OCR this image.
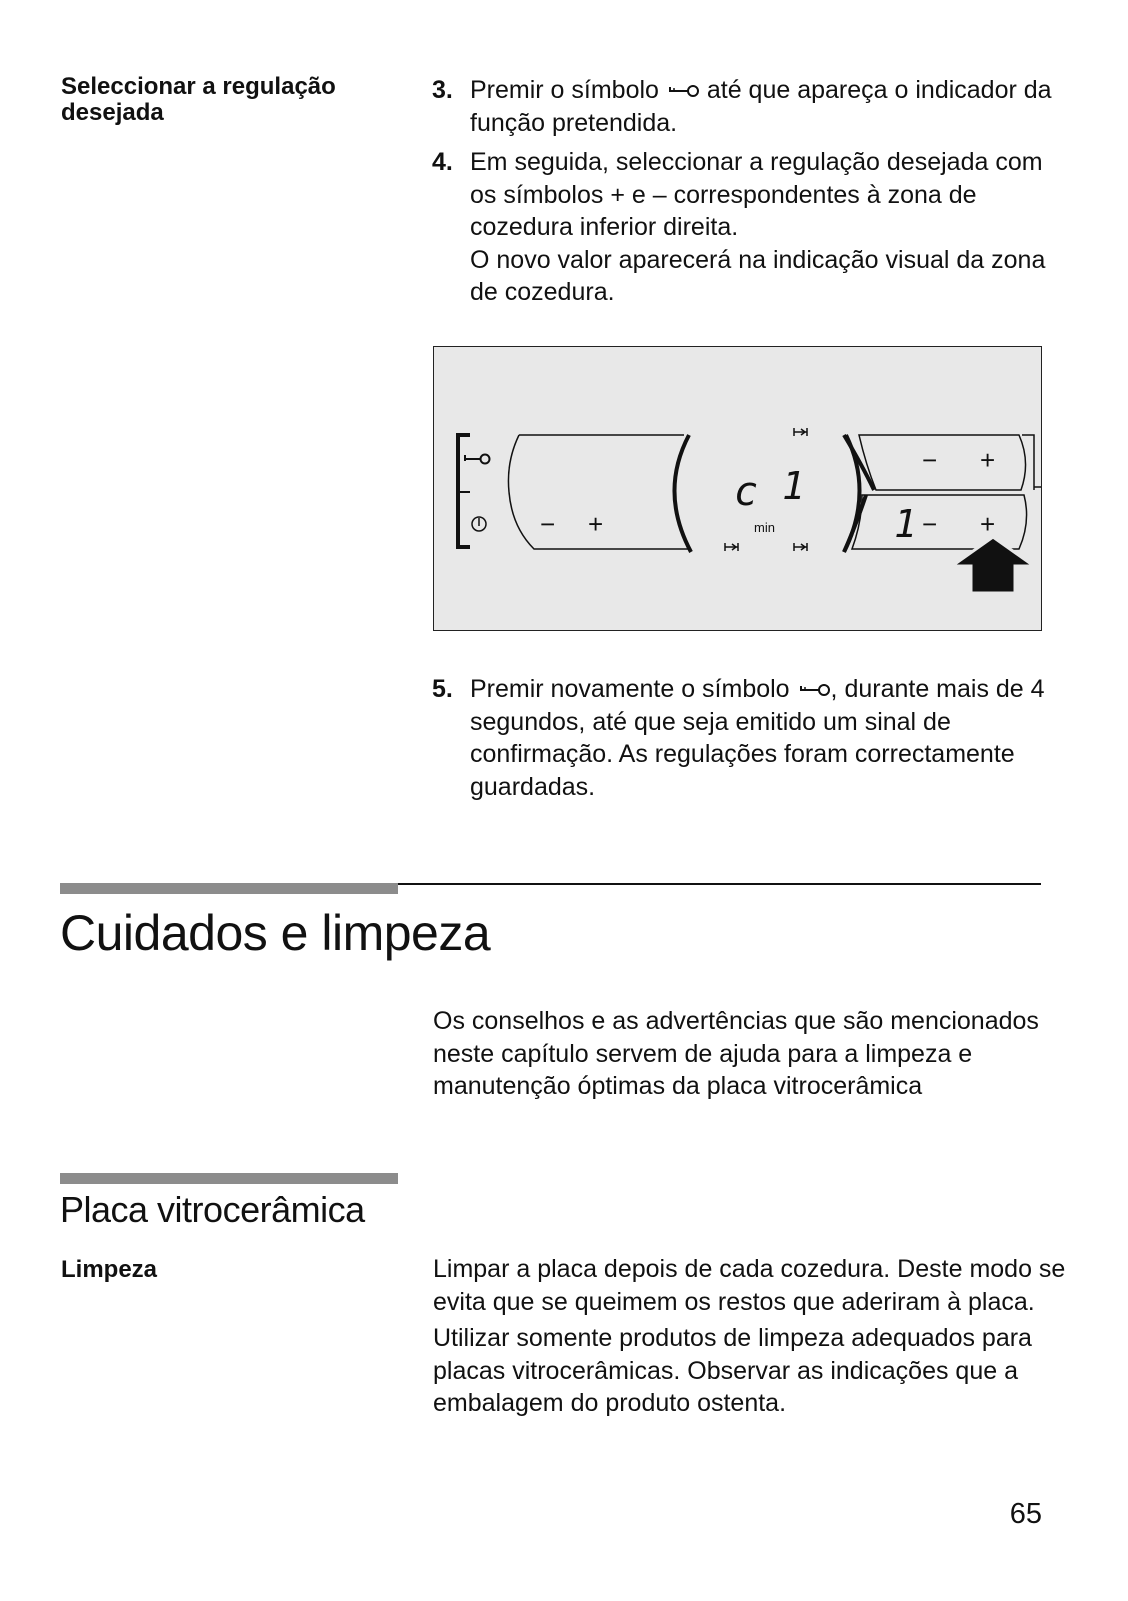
Seleccionar a regulação desejada
3. Premir o símbolo até que apareça o indicador da função pretendida.
4. Em seguida, seleccionar a regulação desejada com os símbolos + e – correspondentes à zona de cozedura inferior direita.

O novo valor aparecerá na indicação visual da zona de cozedura.

− +
c 1
min
− +
1 − +
5. Premir novamente o símbolo , durante mais de 4 segundos, até que seja emitido um sinal de confirmação. As regulações foram correctamente guardadas.
Cuidados e limpeza

Os conselhos e as advertências que são mencionados neste capítulo servem de ajuda para a limpeza e manutenção óptimas da placa vitrocerâmica

Placa vitrocerâmica
Limpeza	Limpar a placa depois de cada cozedura. Deste modo se evita que se queimem os restos que aderiram à placa.

Utilizar somente produtos de limpeza adequados para placas vitrocerâmicas. Observar as indicações que a embalagem do produto ostenta.

65
